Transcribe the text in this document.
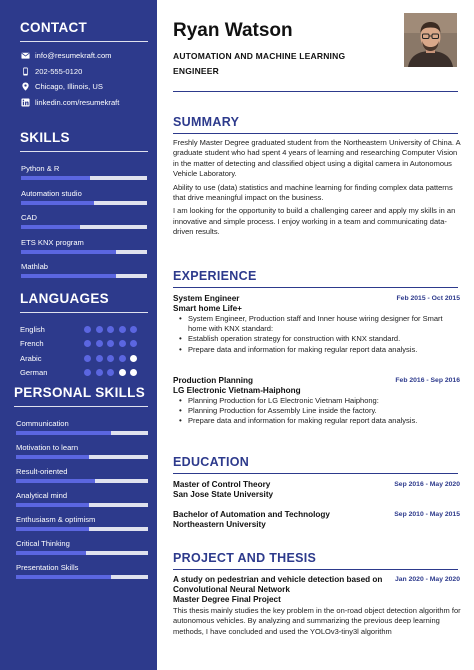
CONTACT
info@resumekraft.com
202-555-0120
Chicago, Illinois, US
linkedin.com/resumekraft
SKILLS
Python & R
Automation studio
CAD
ETS KNX program
Mathlab
LANGUAGES
English
French
Arabic
German
PERSONAL SKILLS
Communication
Motivation to learn
Result-oriented
Analytical mind
Enthusiasm & optimism
Critical Thinking
Presentation Skills
Ryan Watson
AUTOMATION AND MACHINE LEARNING ENGINEER
SUMMARY

Freshly Master Degree graduated student from the Northeastern University of China. A graduate student who had spent 4 years of learning and researching Computer Vision in the matter of detecting and classified object using a digital camera in Autonomous Vehicle Laboratory.

Ability to use (data) statistics and machine learning for finding complex data patterns that drive meaningful impact on the business.

I am looking for the opportunity to build a challenging career and apply my skills in an innovative and simple process. I enjoy working in a team and communicating data-driven results.

EXPERIENCE
System Engineer	Feb 2015 - Oct 2015
Smart home Life+
• System Engineer, Production staff and Inner house wiring designer for Smart home with KNX standard:
• Establish operation strategy for construction with KNX standard.
• Prepare data and information for making regular report data analysis.
Production Planning	Feb 2016 - Sep 2016
LG Electronic Vietnam-Haiphong
• Planning Production for LG Electronic Vietnam Haiphong:
• Planning Production for Assembly Line inside the factory.
• Prepare data and information for making regular report data analysis.
EDUCATION
Master of Control Theory	Sep 2016 - May 2020
San Jose State University
Bachelor of Automation and Technology	Sep 2010 - May 2015
Northeastern University
PROJECT AND THESIS
A study on pedestrian and vehicle detection based on Convolutional Neural Network
Jan 2020 - May 2020
Master Degree Final Project
This thesis mainly studies the key problem in the on-road object detection algorithm for autonomous vehicles. By analyzing and summarizing the previous deep learning methods, I have concluded and used the YOLOv3-tiny3l algorithm
